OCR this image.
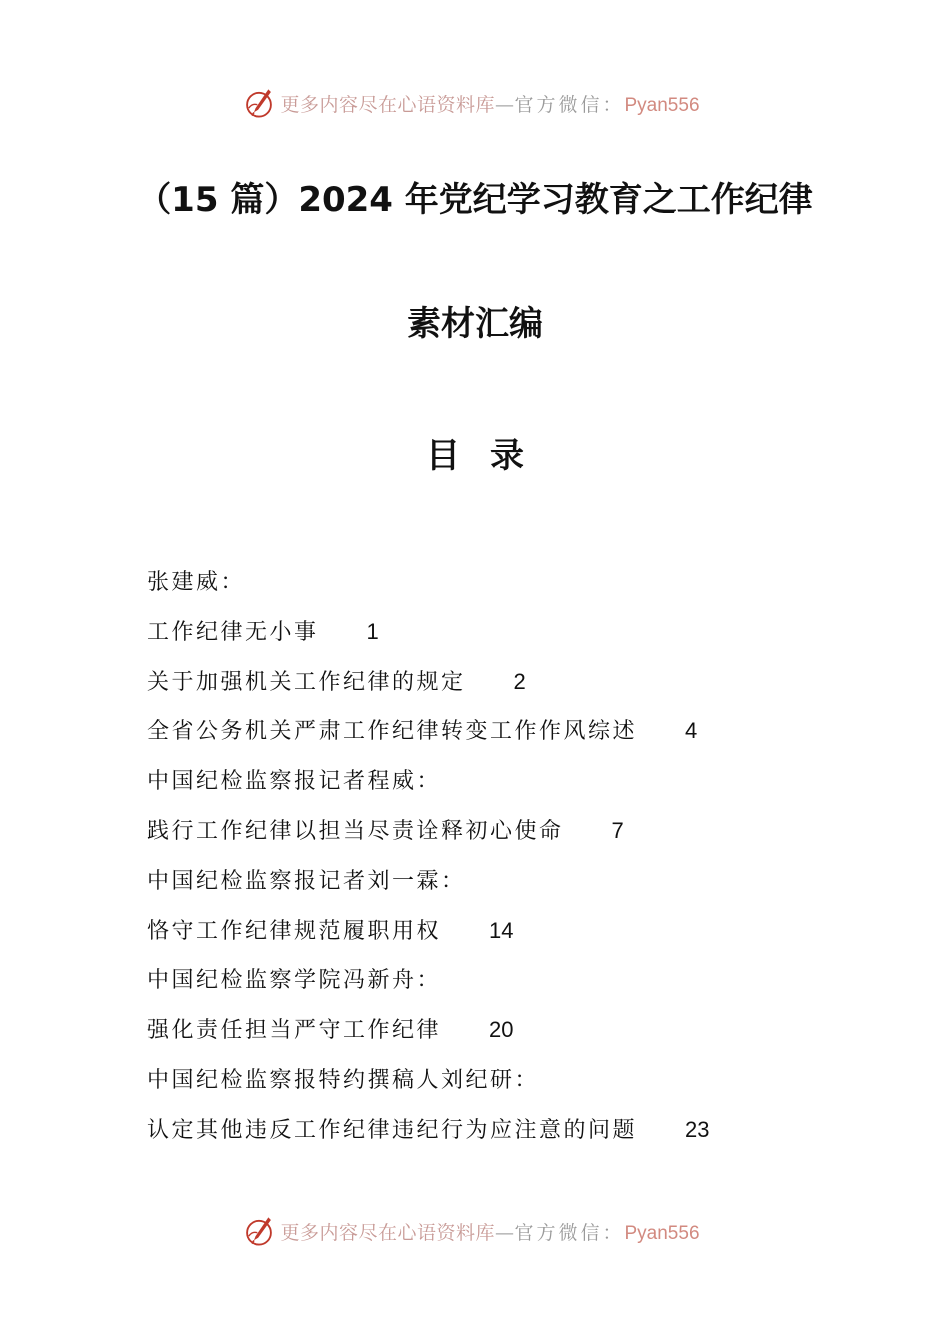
更多内容尽在心语资料库—官方微信：Pyan556
（15 篇）2024 年党纪学习教育之工作纪律
素材汇编
目录
张建威：
工作纪律无小事 1
关于加强机关工作纪律的规定 2
全省公务机关严肃工作纪律转变工作作风综述 4
中国纪检监察报记者程威：
践行工作纪律以担当尽责诠释初心使命 7
中国纪检监察报记者刘一霖：
恪守工作纪律规范履职用权 14
中国纪检监察学院冯新舟：
强化责任担当严守工作纪律 20
中国纪检监察报特约撰稿人刘纪研：
认定其他违反工作纪律违纪行为应注意的问题 23
更多内容尽在心语资料库—官方微信：Pyan556
